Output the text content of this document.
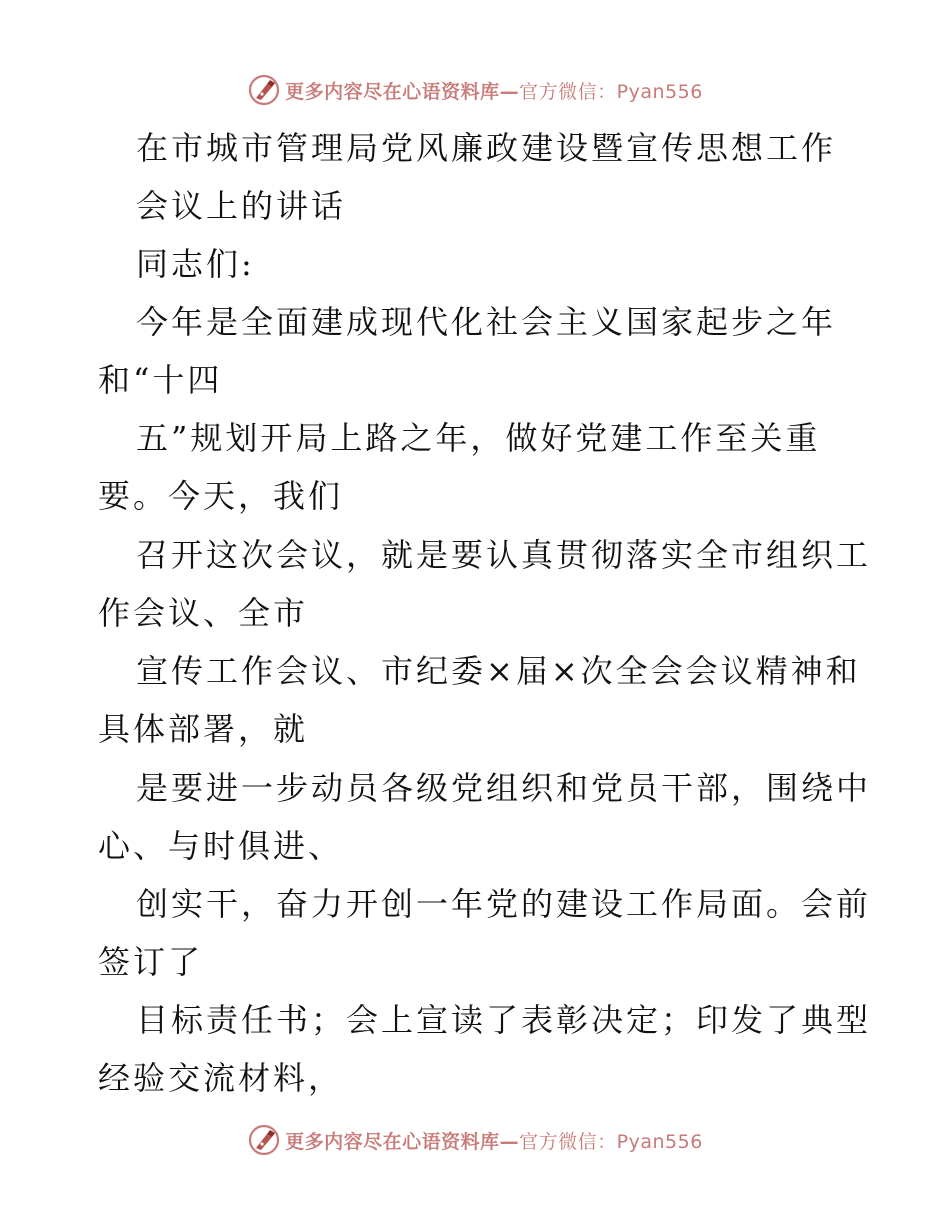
更多内容尽在心语资料库—官方微信：Pyan556
在市城市管理局党风廉政建设暨宣传思想工作
会议上的讲话
同志们:
今年是全面建成现代化社会主义国家起步之年
和“十四
五”规划开局上路之年，做好党建工作至关重
要。今天，我们
召开这次会议，就是要认真贯彻落实全市组织工
作会议、全市
宣传工作会议、市纪委×届×次全会会议精神和
具体部署，就
是要进一步动员各级党组织和党员干部，围绕中
心、与时俱进、
创实干，奋力开创一年党的建设工作局面。会前
签订了
目标责任书；会上宣读了表彰决定；印发了典型
经验交流材料，
更多内容尽在心语资料库—官方微信：Pyan556
